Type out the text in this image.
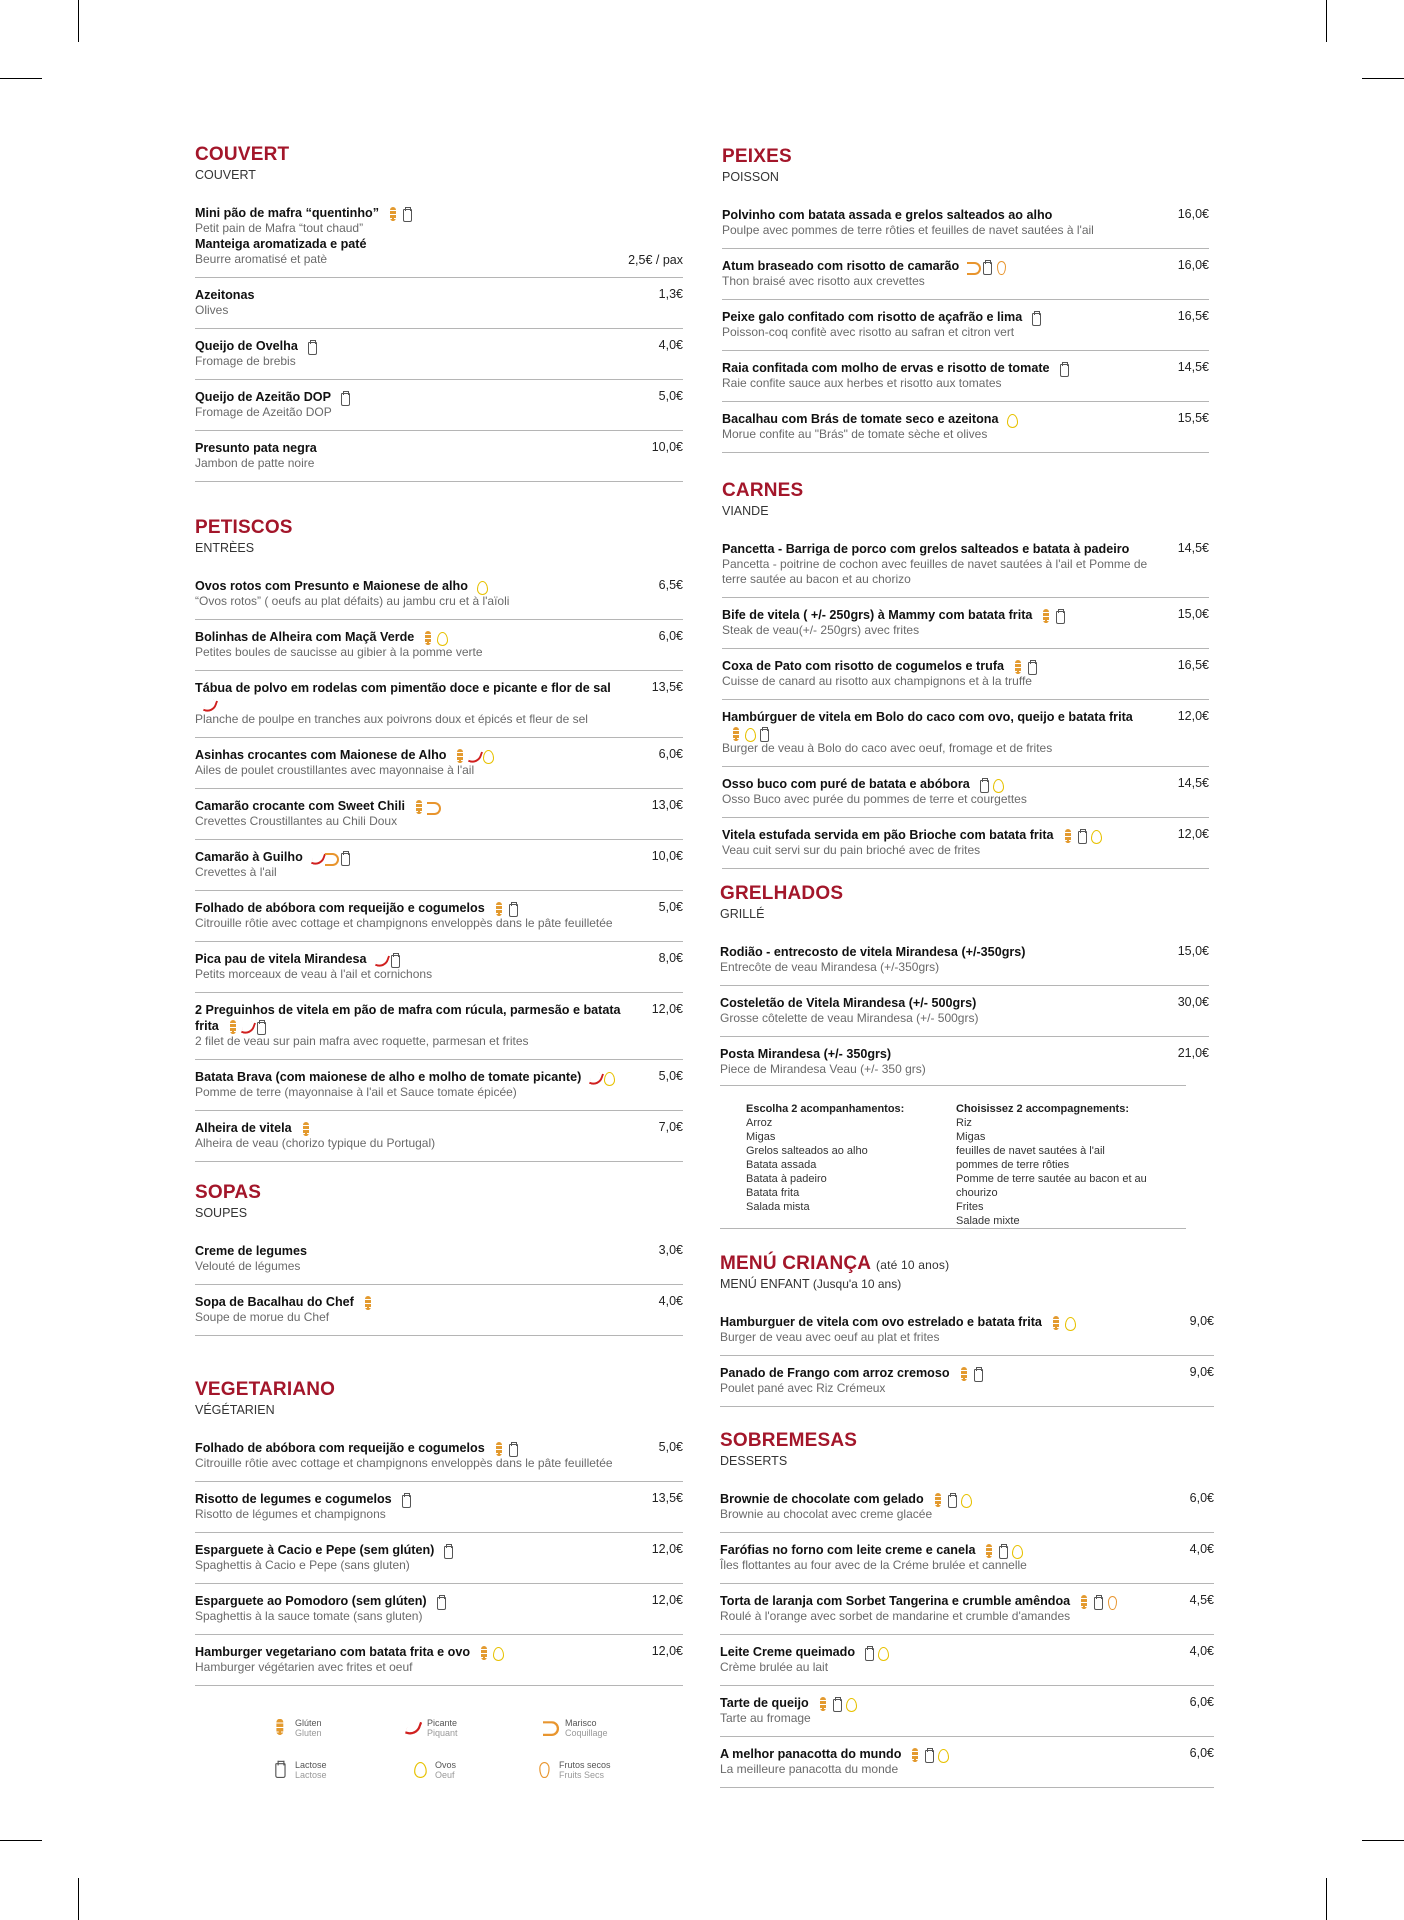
COUVERT
COUVERT
Mini pão de mafra “quentinho”
Petit pain de Mafra “tout chaud”
Manteiga aromatizada e paté
Beurre aromatisé et patè	2,5€ / pax
Azeitonas
Olives
1,3€
Queijo de Ovelha
Fromage de brebis
4,0€
Queijo de Azeitão DOP
Fromage de Azeitão DOP
5,0€
Presunto pata negra
Jambon de patte noire
10,0€
PETISCOS
ENTRÈES
Ovos rotos com Presunto e Maionese de alho
“Ovos rotos” ( oeufs au plat défaits) au jambu cru et à l'aïoli
6,5€
Bolinhas de Alheira com Maçã Verde
Petites boules de saucisse au gibier à la pomme verte
6,0€
Tábua de polvo em rodelas com pimentão doce e picante e flor de sal
Planche de poulpe en tranches aux poivrons doux et épicés et fleur de sel
13,5€
Asinhas crocantes com Maionese de Alho
Ailes de poulet croustillantes avec mayonnaise à l'ail
6,0€
Camarão crocante com Sweet Chili
Crevettes Croustillantes au Chili Doux
13,0€
Camarão à Guilho
Crevettes à l'ail
10,0€
Folhado de abóbora com requeijão e cogumelos
Citrouille rôtie avec cottage et champignons enveloppès dans le pâte feuilletée
5,0€
Pica pau de vitela Mirandesa
Petits morceaux de veau à l'ail et cornichons
8,0€
2 Preguinhos de vitela em pão de mafra com rúcula, parmesão e batata frita
2 filet de veau sur pain mafra avec roquette, parmesan et frites
12,0€
Batata Brava (com maionese de alho e molho de tomate picante)
Pomme de terre (mayonnaise à l'ail et Sauce tomate épicée)
5,0€
Alheira de vitela
Alheira de veau (chorizo typique du Portugal)
7,0€
SOPAS
SOUPES
Creme de legumes
Velouté de légumes
3,0€
Sopa de Bacalhau do Chef
Soupe de morue du Chef
4,0€
VEGETARIANO
VÉGÉTARIEN
Folhado de abóbora com requeijão e cogumelos
Citrouille rôtie avec cottage et champignons enveloppès dans le pâte feuilletée
5,0€
Risotto de legumes e cogumelos
Risotto de légumes et champignons
13,5€
Esparguete à Cacio e Pepe (sem glúten)
Spaghettis à Cacio e Pepe (sans gluten)
12,0€
Esparguete ao Pomodoro (sem glúten)
Spaghettis à la sauce tomate (sans gluten)
12,0€
Hamburger vegetariano com batata frita e ovo
Hamburger végétarien avec frites et oeuf
12,0€
PEIXES
POISSON
Polvinho com batata assada e grelos salteados ao alho
Poulpe avec pommes de terre rôties et feuilles de navet sautées à l'ail
16,0€
Atum braseado com risotto de camarão
Thon braisé avec risotto aux crevettes
16,0€
Peixe galo confitado com risotto de açafrão e lima
Poisson-coq confitè avec risotto au safran et citron vert
16,5€
Raia confitada com molho de ervas e risotto de tomate
Raie confite sauce aux herbes et risotto aux tomates
14,5€
Bacalhau com Brás de tomate seco e azeitona
Morue confite au "Brás" de tomate sèche et olives
15,5€
CARNES
VIANDE
Pancetta - Barriga de porco com grelos salteados e batata à padeiro
Pancetta - poitrine de cochon avec feuilles de navet sautées à l'ail et Pomme de terre sautée au bacon et au chorizo
14,5€
Bife de vitela ( +/- 250grs) à Mammy com batata frita
Steak de veau(+/- 250grs) avec frites
15,0€
Coxa de Pato com risotto de cogumelos e trufa
Cuisse de canard au risotto aux champignons et à la truffe
16,5€
Hambúrguer de vitela em Bolo do caco com ovo, queijo e batata frita
Burger de veau à Bolo do caco avec oeuf, fromage et de frites
12,0€
Osso buco com puré de batata e abóbora
Osso Buco avec purée du pommes de terre et courgettes
14,5€
Vitela estufada servida em pão Brioche com batata frita
Veau cuit servi sur du pain brioché avec de frites
12,0€
GRELHADOS
GRILLÉ
Rodião - entrecosto de vitela Mirandesa (+/-350grs)
Entrecôte de veau Mirandesa (+/-350grs)
15,0€
Costeletão de Vitela Mirandesa (+/- 500grs)
Grosse côtelette de veau Mirandesa (+/- 500grs)
30,0€
Posta Mirandesa (+/- 350grs)
Piece de Mirandesa Veau (+/- 350 grs)
21,0€
MENÚ CRIANÇA (até 10 anos)
MENÚ ENFANT (Jusqu'a 10 ans)
Hamburguer de vitela com ovo estrelado e batata frita
Burger de veau avec oeuf au plat et frites
9,0€
Panado de Frango com arroz cremoso
Poulet pané avec Riz Crémeux
9,0€
SOBREMESAS
DESSERTS
Brownie de chocolate com gelado
Brownie au chocolat avec creme glacée
6,0€
Farófias no forno com leite creme e canela
Îles flottantes au four avec de la Créme brulée et cannelle
4,0€
Torta de laranja com Sorbet Tangerina e crumble amêndoa
Roulé à l'orange avec sorbet de mandarine et crumble d'amandes
4,5€
Leite Creme queimado
Crème brulée au lait
4,0€
Tarte de queijo
Tarte au fromage
6,0€
A melhor panacotta do mundo
La meilleure panacotta du monde
6,0€
Escolha 2 acompanhamentos:
Arroz
Migas
Grelos salteados ao alho
Batata assada
Batata à padeiro
Batata frita
Salada mista
Choisissez 2 accompagnements:
Riz
Migas
feuilles de navet sautées à l'ail
pommes de terre rôties
Pomme de terre sautée au bacon et au chourizo
Frites
Salade mixte
Glúten
Gluten
Picante
Piquant
Marisco
Coquillage
Lactose
Lactose
Ovos
Oeuf
Frutos secos
Fruits Secs
